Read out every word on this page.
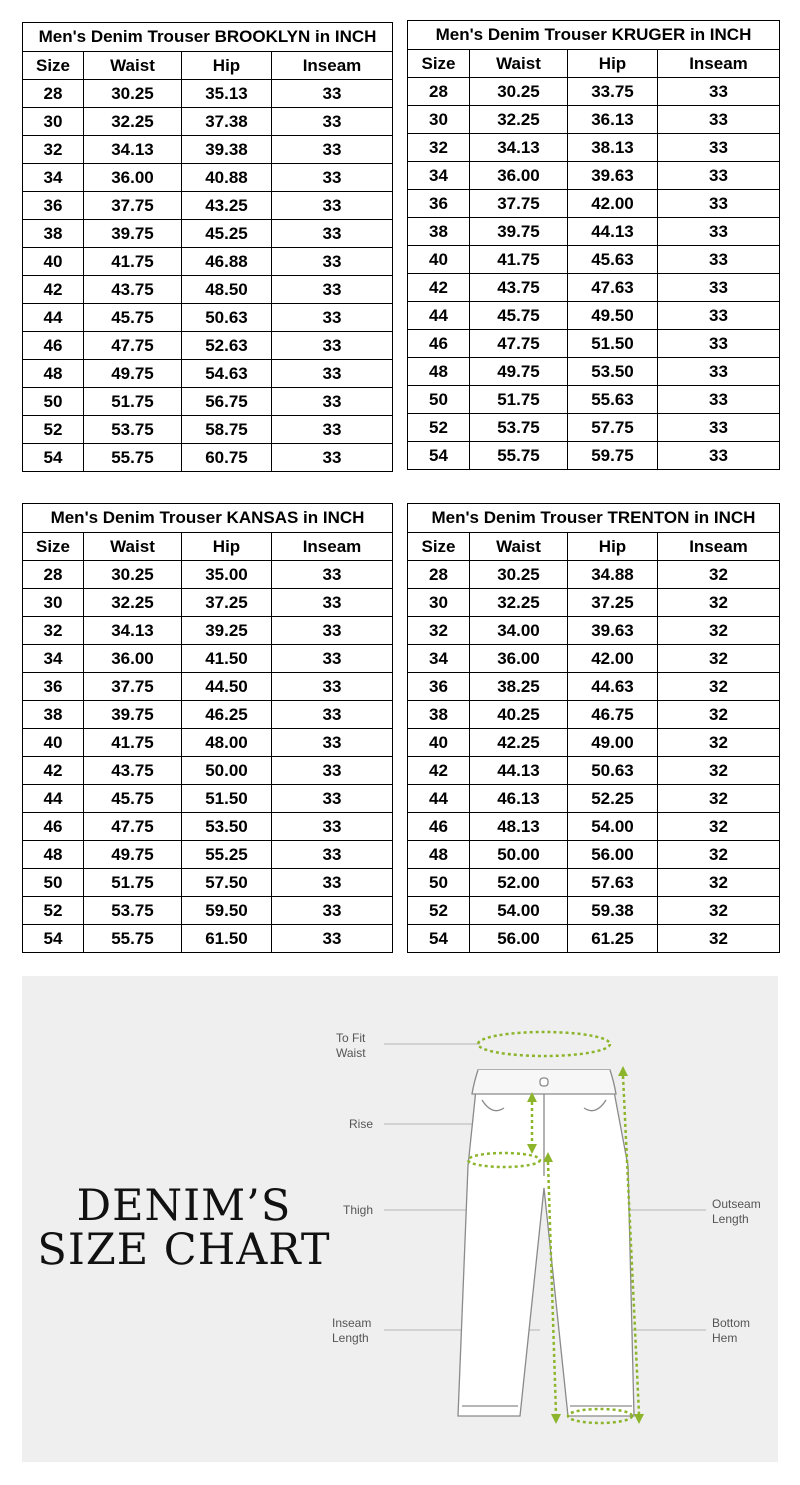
Men's Denim Trouser BROOKLYN in INCH
Size	Waist	Hip	Inseam
28	30.25	35.13	33
30	32.25	37.38	33
32	34.13	39.38	33
34	36.00	40.88	33
36	37.75	43.25	33
38	39.75	45.25	33
40	41.75	46.88	33
42	43.75	48.50	33
44	45.75	50.63	33
46	47.75	52.63	33
48	49.75	54.63	33
50	51.75	56.75	33
52	53.75	58.75	33
54	55.75	60.75	33
Men's Denim Trouser KRUGER in INCH
Size	Waist	Hip	Inseam
28	30.25	33.75	33
30	32.25	36.13	33
32	34.13	38.13	33
34	36.00	39.63	33
36	37.75	42.00	33
38	39.75	44.13	33
40	41.75	45.63	33
42	43.75	47.63	33
44	45.75	49.50	33
46	47.75	51.50	33
48	49.75	53.50	33
50	51.75	55.63	33
52	53.75	57.75	33
54	55.75	59.75	33
Men's Denim Trouser KANSAS in INCH
Size	Waist	Hip	Inseam
28	30.25	35.00	33
30	32.25	37.25	33
32	34.13	39.25	33
34	36.00	41.50	33
36	37.75	44.50	33
38	39.75	46.25	33
40	41.75	48.00	33
42	43.75	50.00	33
44	45.75	51.50	33
46	47.75	53.50	33
48	49.75	55.25	33
50	51.75	57.50	33
52	53.75	59.50	33
54	55.75	61.50	33
Men's Denim Trouser TRENTON in INCH
Size	Waist	Hip	Inseam
28	30.25	34.88	32
30	32.25	37.25	32
32	34.00	39.63	32
34	36.00	42.00	32
36	38.25	44.63	32
38	40.25	46.75	32
40	42.25	49.00	32
42	44.13	50.63	32
44	46.13	52.25	32
46	48.13	54.00	32
48	50.00	56.00	32
50	52.00	57.63	32
52	54.00	59.38	32
54	56.00	61.25	32
DENIM’S
SIZE CHART
To Fit
Waist
Rise
Thigh
Inseam
Length
Outseam
Length
Bottom
Hem
